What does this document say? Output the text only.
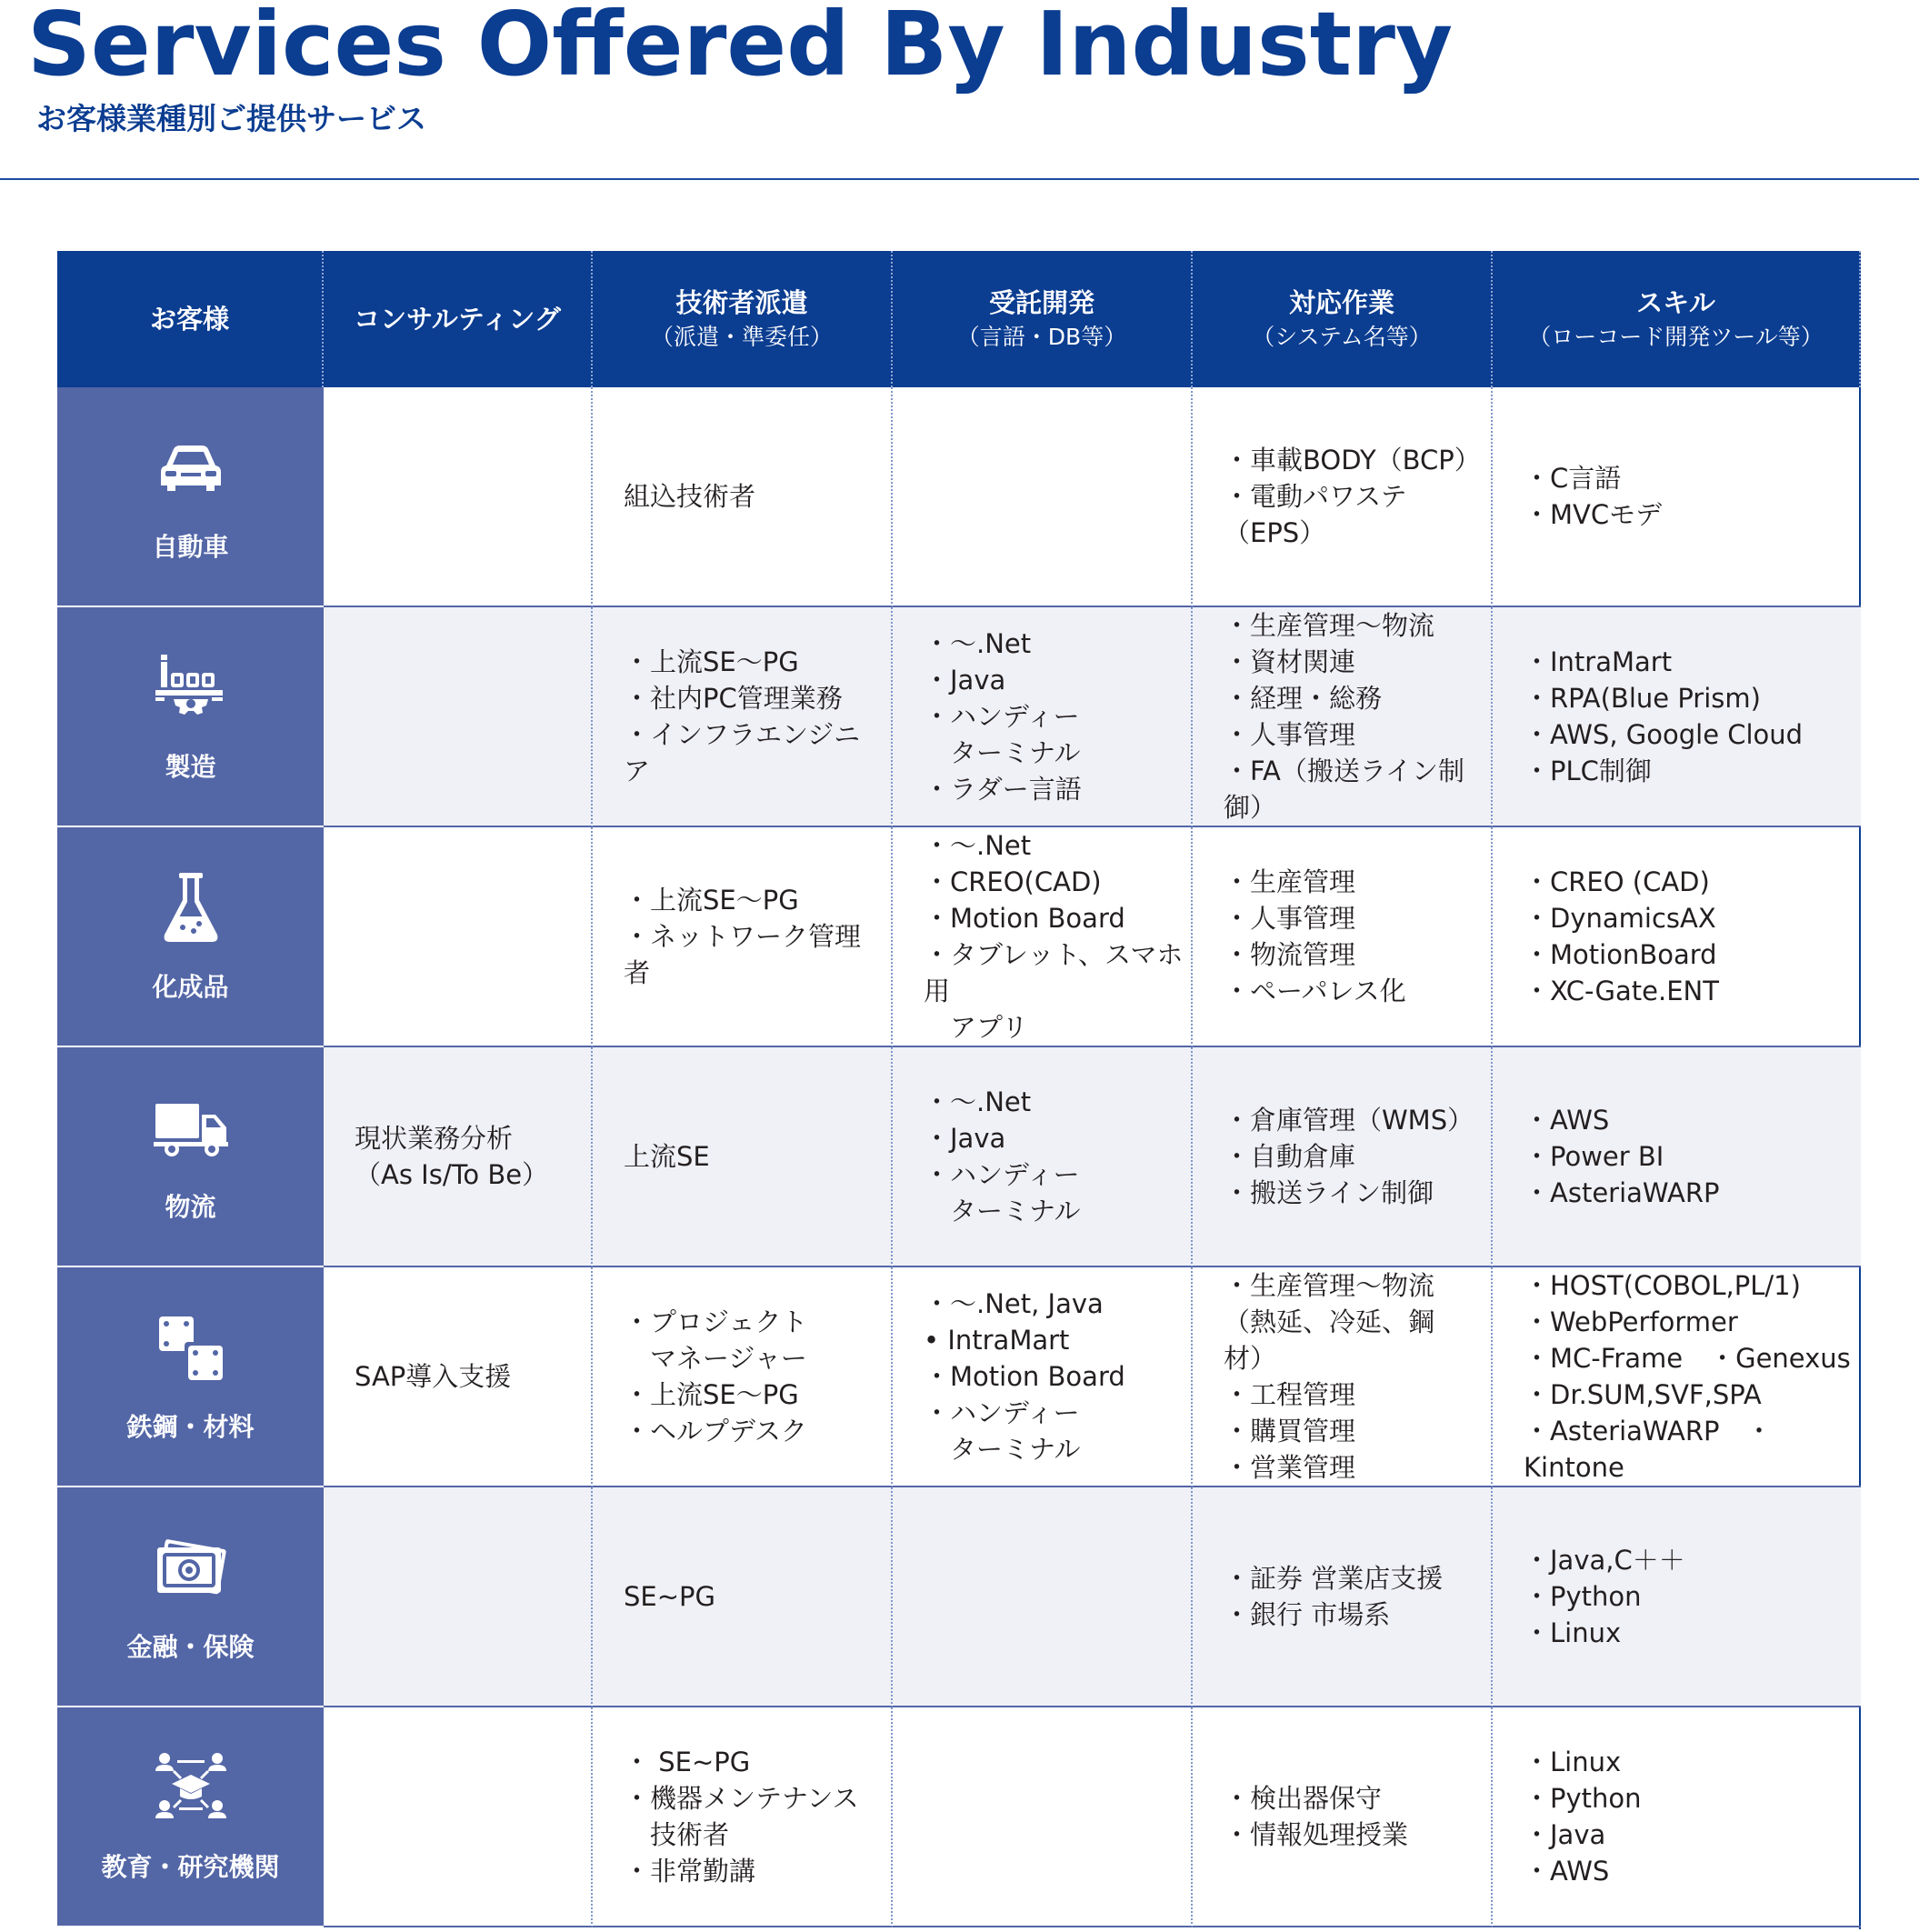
Services Offered By Industry
お客様業種別ご提供サービス
お客様	コンサルティング
技術者派遣
（派遣・準委任）
受託開発
（言語・DB等）
対応作業
（システム名等）
スキル
（ローコード開発ツール等）
自動車
組込技術者
・車載BODY（BCP）
・電動パワステ（EPS）
・C言語
・MVCモデ
製造
・上流SE～PG
・社内PC管理業務
・インフラエンジニア
・～.Net
・Java
・ハンディー
　ターミナル
・ラダー言語
・生産管理～物流
・資材関連
・経理・総務
・人事管理
・FA（搬送ライン制御）
・IntraMart
・RPA(Blue Prism)
・AWS, Google Cloud
・PLC制御
化成品
・上流SE～PG
・ネットワーク管理者
・～.Net
・CREO(CAD)
・Motion Board
・タブレット、スマホ用
　アプリ
・生産管理
・人事管理
・物流管理
・ペーパレス化
・CREO (CAD)
・DynamicsAX
・MotionBoard
・XC-Gate.ENT
物流
現状業務分析
（As Is/To Be）
上流SE
・～.Net
・Java
・ハンディー
　ターミナル
・倉庫管理（WMS）
・自動倉庫
・搬送ライン制御
・AWS
・Power BI
・AsteriaWARP
鉄鋼・材料
SAP導入支援
・プロジェクト
　マネージャー
・上流SE～PG
・ヘルプデスク
・～.Net, Java
• IntraMart
・Motion Board
・ハンディー
　ターミナル
・生産管理～物流
（熱延、冷延、鋼材）
・工程管理
・購買管理
・営業管理
・HOST(COBOL,PL/1)
・WebPerformer
・MC-Frame　・Genexus
・Dr.SUM,SVF,SPA
・AsteriaWARP　・Kintone
金融・保険
SE~PG
・証券 営業店支援
・銀行 市場系
・Java,C＋＋
・Python
・Linux
教育・研究機関
・ SE~PG
・機器メンテナンス
　技術者
・非常勤講
・検出器保守
・情報処理授業
・Linux
・Python
・Java
・AWS
